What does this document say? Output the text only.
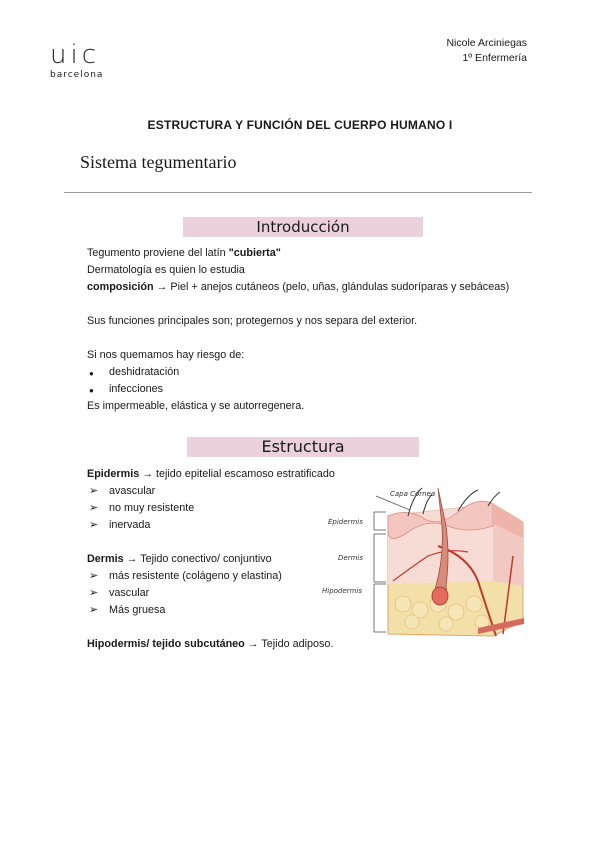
uic
barcelona
Nicole Arciniegas
1º Enfermería
ESTRUCTURA Y FUNCIÓN DEL CUERPO HUMANO I
Sistema tegumentario
Introducción

Tegumento proviene del latín "cubierta"

Dermatología es quien lo estudia

composición → Piel + anejos cutáneos (pelo, uñas, glándulas sudoríparas y sebáceas)

Sus funciones principales son; protegernos y nos separa del exterior.

Si nos quemamos hay riesgo de:

● deshidratación
● infecciones

Es impermeable, elástica y se autorregenera.

Estructura

Epidermis → tejido epitelial escamoso estratificado

➢ avascular
➢ no muy resistente
➢ inervada

Dermis → Tejido conectivo/ conjuntivo

➢ más resistente (colágeno y elastina)
➢ vascular
➢ Más gruesa

Hipodermis/ tejido subcutáneo → Tejido adiposo.

Capa Córnea
Epidermis
Dermis
Hipodermis
